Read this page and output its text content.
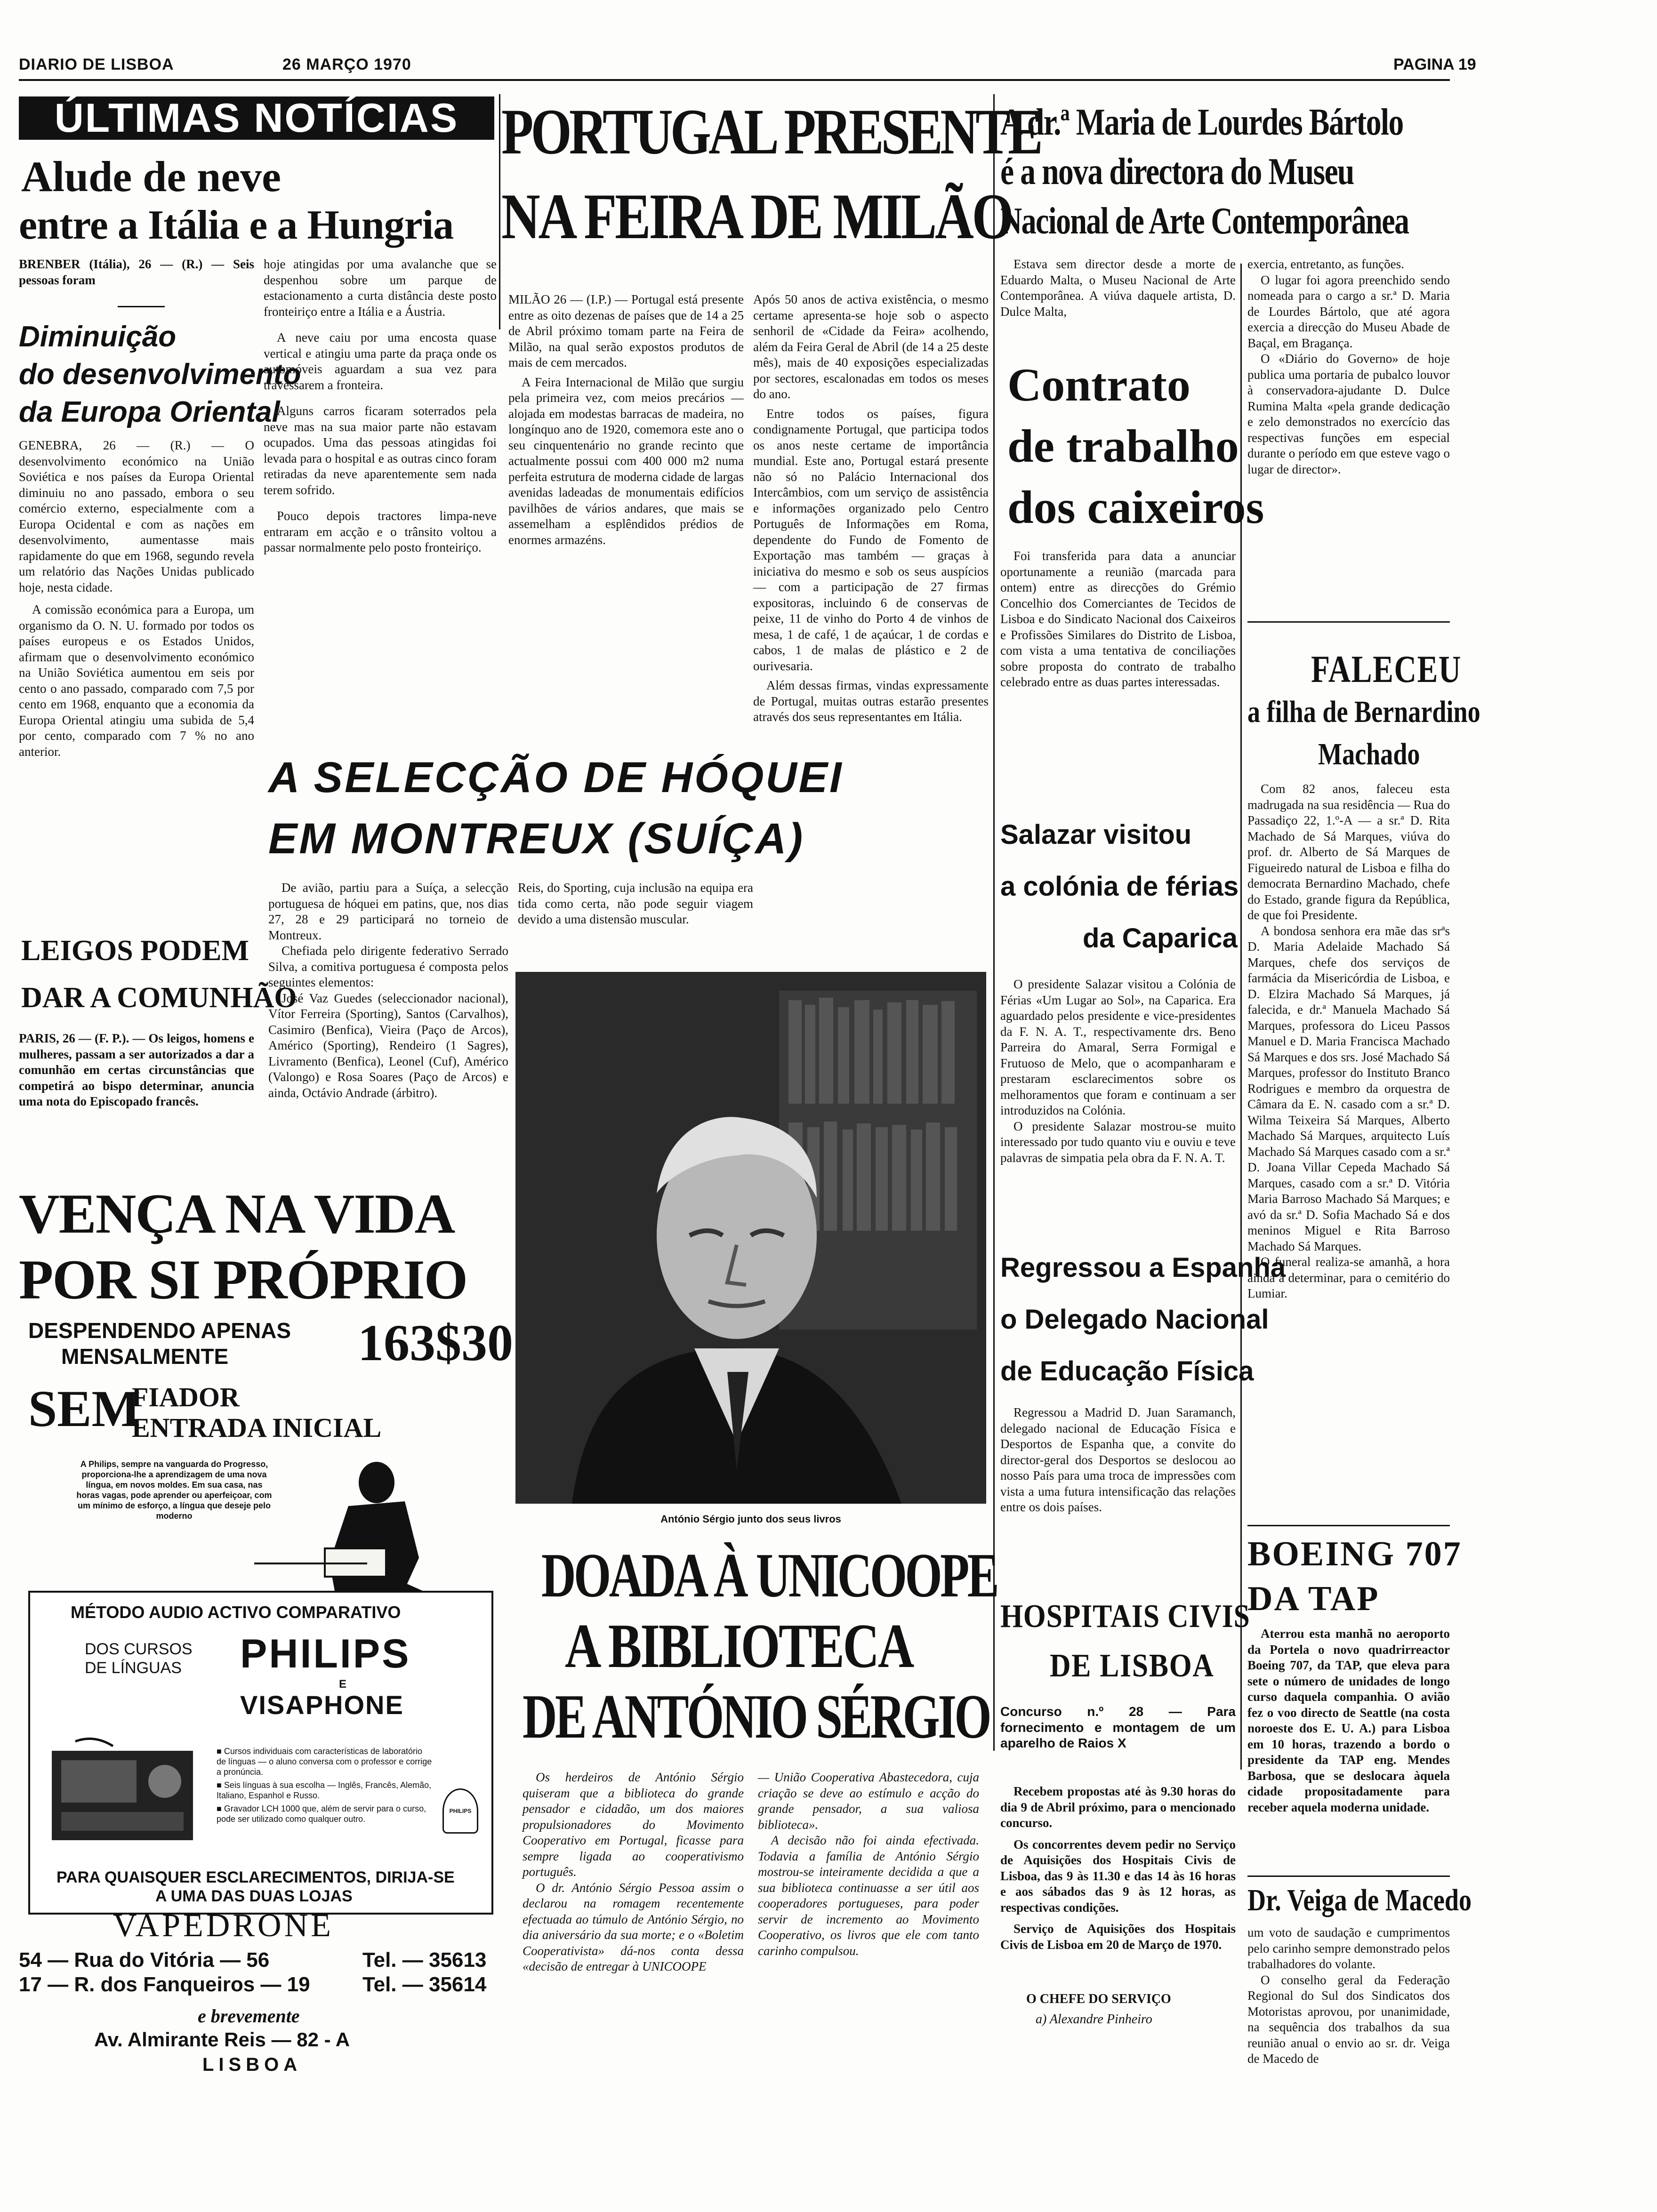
DIARIO DE LISBOA	26 MARÇO 1970	PAGINA 19
ÚLTIMAS NOTÍCIAS
Alude de neve
entre a Itália e a Hungria

BRENBER (Itália), 26 — (R.) — Seis pessoas foram

hoje atingidas por uma avalanche que se despenhou sobre um parque de estacionamento a curta distância deste posto fronteiriço entre a Itália e a Áustria.

A neve caiu por uma encosta quase vertical e atingiu uma parte da praça onde os automóveis aguardam a sua vez para travessarem a fronteira.

Alguns carros ficaram soterrados pela neve mas na sua maior parte não estavam ocupados. Uma das pessoas atingidas foi levada para o hospital e as outras cinco foram retiradas da neve aparentemente sem nada terem sofrido.

Pouco depois tractores limpa-neve entraram em acção e o trânsito voltou a passar normalmente pelo posto fronteiriço.

Diminuição
do desenvolvimento
da Europa Oriental

GENEBRA, 26 — (R.) — O desenvolvimento económico na União Soviética e nos países da Europa Oriental diminuiu no ano passado, embora o seu comércio externo, especialmente com a Europa Ocidental e com as nações em desenvolvimento, aumentasse mais rapidamente do que em 1968, segundo revela um relatório das Nações Unidas publicado hoje, nesta cidade.

A comissão económica para a Europa, um organismo da O. N. U. formado por todos os países europeus e os Estados Unidos, afirmam que o desenvolvimento económico na União Soviética aumentou em seis por cento o ano passado, comparado com 7,5 por cento em 1968, enquanto que a economia da Europa Oriental atingiu uma subida de 5,4 por cento, comparado com 7 % no ano anterior.

LEIGOS PODEM
DAR A COMUNHÃO

PARIS, 26 — (F. P.). — Os leigos, homens e mulheres, passam a ser autorizados a dar a comunhão em certas circunstâncias que competirá ao bispo determinar, anuncia uma nota do Episcopado francês.

VENÇA NA VIDA
POR SI PRÓPRIO
DESPENDENDO APENAS
MENSALMENTE 163$30
SEM
FIADOR
ENTRADA INICIAL
A Philips, sempre na vanguarda do Progresso, proporciona-lhe a aprendizagem de uma nova língua, em novos moldes. Em sua casa, nas horas vagas, pode aprender ou aperfeiçoar, com um mínimo de esforço, a língua que deseje pelo moderno
MÉTODO AUDIO ACTIVO COMPARATIVO
DOS CURSOS
DE LÍNGUAS PHILIPS
E
VISAPHONE
■ Cursos individuais com características de laboratório de línguas — o aluno conversa com o professor e corrige a pronúncia.
■ Seis línguas à sua escolha — Inglês, Francês, Alemão, Italiano, Espanhol e Russo.
■ Gravador LCH 1000 que, além de servir para o curso, pode ser utilizado como qualquer outro.
$_{PHILIPS}$
PARA QUAISQUER ESCLARECIMENTOS, DIRIJA-SE
A UMA DAS DUAS LOJAS
VAPEDRONE
54 — Rua do Vitória — 56	Tel. — 35613
17 — R. dos Fanqueiros — 19	Tel. — 35614
e brevemente
Av. Almirante Reis — 82 - A
LISBOA
PORTUGAL PRESENTE
NA FEIRA DE MILÃO

MILÃO 26 — (I.P.) — Portugal está presente entre as oito dezenas de países que de 14 a 25 de Abril próximo tomam parte na Feira de Milão, na qual serão expostos produtos de mais de cem mercados.

A Feira Internacional de Milão que surgiu pela primeira vez, com meios precários — alojada em modestas barracas de madeira, no longínquo ano de 1920, comemora este ano o seu cinquentenário no grande recinto que actualmente possui com 400 000 m2 numa perfeita estrutura de moderna cidade de largas avenidas ladeadas de monumentais edifícios pavilhões de vários andares, que mais se assemelham a esplêndidos prédios de enormes armazéns.

Após 50 anos de activa existência, o mesmo certame apresenta-se hoje sob o aspecto senhoril de «Cidade da Feira» acolhendo, além da Feira Geral de Abril (de 14 a 25 deste mês), mais de 40 exposições especializadas por sectores, escalonadas em todos os meses do ano.

Entre todos os países, figura condignamente Portugal, que participa todos os anos neste certame de importância mundial. Este ano, Portugal estará presente não só no Palácio Internacional dos Intercâmbios, com um serviço de assistência e informações organizado pelo Centro Português de Informações em Roma, dependente do Fundo de Fomento de Exportação mas também — graças à iniciativa do mesmo e sob os seus auspícios — com a participação de 27 firmas expositoras, incluindo 6 de conservas de peixe, 11 de vinho do Porto 4 de vinhos de mesa, 1 de café, 1 de açaúcar, 1 de cordas e cabos, 1 de malas de plástico e 2 de ourivesaria.

Além dessas firmas, vindas expressamente de Portugal, muitas outras estarão presentes através dos seus representantes em Itália.

A SELECÇÃO DE HÓQUEI
EM MONTREUX (SUÍÇA)

De avião, partiu para a Suíça, a selecção portuguesa de hóquei em patins, que, nos dias 27, 28 e 29 participará no torneio de Montreux.

Chefiada pelo dirigente federativo Serrado Silva, a comitiva portuguesa é composta pelos seguintes elementos:

José Vaz Guedes (seleccionador nacional), Vítor Ferreira (Sporting), Santos (Carvalhos), Casimiro (Benfica), Vieira (Paço de Arcos), Américo (Sporting), Rendeiro (1 Sagres), Livramento (Benfica), Leonel (Cuf), Américo (Valongo) e Rosa Soares (Paço de Arcos) e ainda, Octávio Andrade (árbitro).

Reis, do Sporting, cuja inclusão na equipa era tida como certa, não pode seguir viagem devido a uma distensão muscular.

António Sérgio junto dos seus livros
DOADA À UNICOOPE
A BIBLIOTECA
DE ANTÓNIO SÉRGIO

Os herdeiros de António Sérgio quiseram que a biblioteca do grande pensador e cidadão, um dos maiores propulsionadores do Movimento Cooperativo em Portugal, ficasse para sempre ligada ao cooperativismo português.

O dr. António Sérgio Pessoa assim o declarou na romagem recentemente efectuada ao túmulo de António Sérgio, no dia aniversário da sua morte; e o «Boletim Cooperativista» dá-nos conta dessa «decisão de entregar à UNICOOPE

— União Cooperativa Abastecedora, cuja criação se deve ao estímulo e acção do grande pensador, a sua valiosa biblioteca».

A decisão não foi ainda efectivada. Todavia a família de António Sérgio mostrou-se inteiramente decidida a que a sua biblioteca continuasse a ser útil aos cooperadores portugueses, para poder servir de incremento ao Movimento Cooperativo, os livros que ele com tanto carinho compulsou.

A dr.ª Maria de Lourdes Bártolo
é a nova directora do Museu
Nacional de Arte Contemporânea

Estava sem director desde a morte de Eduardo Malta, o Museu Nacional de Arte Contemporânea. A viúva daquele artista, D. Dulce Malta,

exercia, entretanto, as funções.

O lugar foi agora preenchido sendo nomeada para o cargo a sr.ª D. Maria de Lourdes Bártolo, que até agora exercia a direcção do Museu Abade de Baçal, em Bragança.

O «Diário do Governo» de hoje publica uma portaria de pubalco louvor à conservadora-ajudante D. Dulce Rumina Malta «pela grande dedicação e zelo demonstrados no exercício das respectivas funções em especial durante o período em que esteve vago o lugar de director».

Contrato
de trabalho
dos caixeiros

Foi transferida para data a anunciar oportunamente a reunião (marcada para ontem) entre as direcções do Grémio Concelhio dos Comerciantes de Tecidos de Lisboa e do Sindicato Nacional dos Caixeiros e Profissões Similares do Distrito de Lisboa, com vista a uma tentativa de conciliações sobre proposta do contrato de trabalho celebrado entre as duas partes interessadas.

Salazar visitou
a colónia de férias
da Caparica

O presidente Salazar visitou a Colónia de Férias «Um Lugar ao Sol», na Caparica. Era aguardado pelos presidente e vice-presidentes da F. N. A. T., respectivamente drs. Beno Parreira do Amaral, Serra Formigal e Frutuoso de Melo, que o acompanharam e prestaram esclarecimentos sobre os melhoramentos que foram e continuam a ser introduzidos na Colónia.

O presidente Salazar mostrou-se muito interessado por tudo quanto viu e ouviu e teve palavras de simpatia pela obra da F. N. A. T.

Regressou a Espanha
o Delegado Nacional
de Educação Física

Regressou a Madrid D. Juan Saramanch, delegado nacional de Educação Física e Desportos de Espanha que, a convite do director-geral dos Desportos se deslocou ao nosso País para uma troca de impressões com vista a uma futura intensificação das relações entre os dois países.

HOSPITAIS CIVIS
DE LISBOA

Concurso n.º 28 — Para fornecimento e montagem de um aparelho de Raios X

Recebem propostas até às 9.30 horas do dia 9 de Abril próximo, para o mencionado concurso.

Os concorrentes devem pedir no Serviço de Aquisições dos Hospitais Civis de Lisboa, das 9 às 11.30 e das 14 às 16 horas e aos sábados das 9 às 12 horas, as respectivas condições.

Serviço de Aquisições dos Hospitais Civis de Lisboa em 20 de Março de 1970.

O CHEFE DO SERVIÇO
a) Alexandre Pinheiro
FALECEU
a filha de Bernardino
Machado

Com 82 anos, faleceu esta madrugada na sua residência — Rua do Passadiço 22, 1.º-A — a sr.ª D. Rita Machado de Sá Marques, viúva do prof. dr. Alberto de Sá Marques de Figueiredo natural de Lisboa e filha do democrata Bernardino Machado, chefe do Estado, grande figura da República, de que foi Presidente.

A bondosa senhora era mãe das srªs D. Maria Adelaide Machado Sá Marques, chefe dos serviços de farmácia da Misericórdia de Lisboa, e D. Elzira Machado Sá Marques, já falecida, e dr.ª Manuela Machado Sá Marques, professora do Liceu Passos Manuel e D. Maria Francisca Machado Sá Marques e dos srs. José Machado Sá Marques, professor do Instituto Branco Rodrigues e membro da orquestra de Câmara da E. N. casado com a sr.ª D. Wilma Teixeira Sá Marques, Alberto Machado Sá Marques, arquitecto Luís Machado Sá Marques casado com a sr.ª D. Joana Villar Cepeda Machado Sá Marques, casado com a sr.ª D. Vitória Maria Barroso Machado Sá Marques; e avó da sr.ª D. Sofia Machado Sá e dos meninos Miguel e Rita Barroso Machado Sá Marques.

O funeral realiza-se amanhã, a hora ainda a determinar, para o cemitério do Lumiar.

BOEING 707
DA TAP

Aterrou esta manhã no aeroporto da Portela o novo quadrirreactor Boeing 707, da TAP, que eleva para sete o número de unidades de longo curso daquela companhia. O avião fez o voo directo de Seattle (na costa noroeste dos E. U. A.) para Lisboa em 10 horas, trazendo a bordo o presidente da TAP eng. Mendes Barbosa, que se deslocara àquela cidade propositadamente para receber aquela moderna unidade.

Dr. Veiga de Macedo

um voto de saudação e cumprimentos pelo carinho sempre demonstrado pelos trabalhadores do volante.

O conselho geral da Federação Regional do Sul dos Sindicatos dos Motoristas aprovou, por unanimidade, na sequência dos trabalhos da sua reunião anual o envio ao sr. dr. Veiga de Macedo de
